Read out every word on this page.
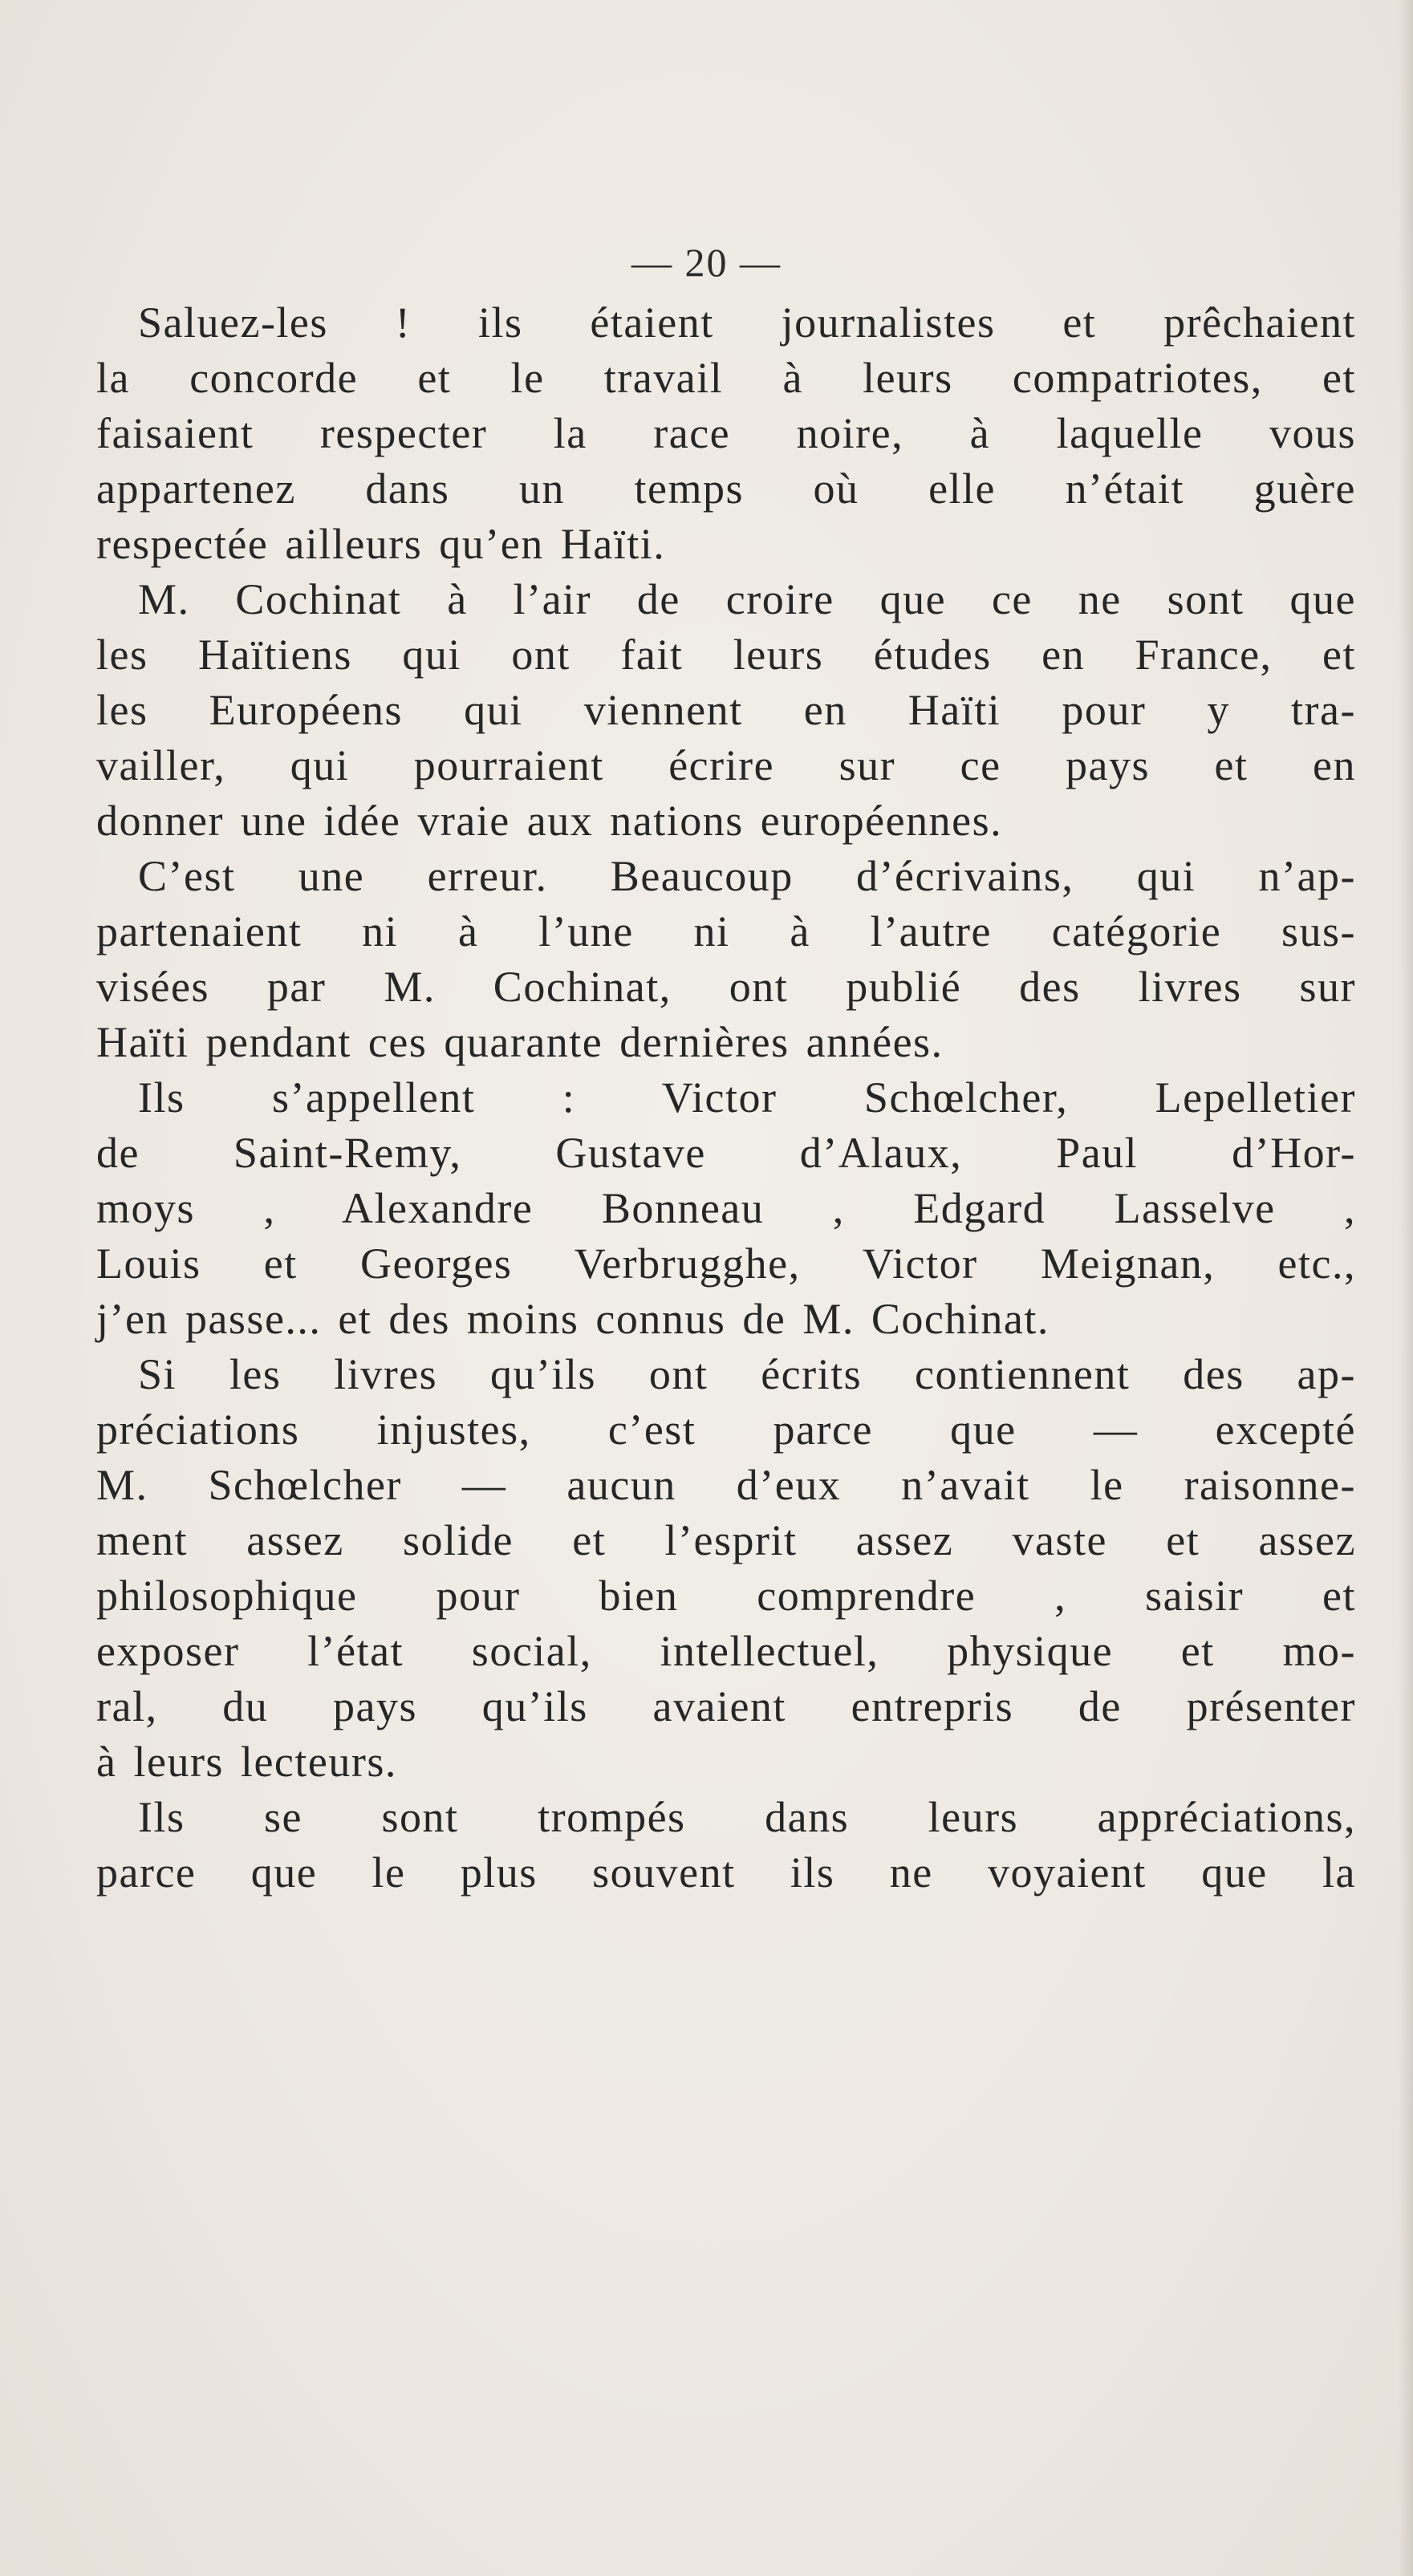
— 20 —
Saluez-les ! ils étaient journalistes et prêchaient
la concorde et le travail à leurs compatriotes, et
faisaient respecter la race noire, à laquelle vous
appartenez dans un temps où elle n’était guère
respectée ailleurs qu’en Haïti.
M. Cochinat à l’air de croire que ce ne sont que
les Haïtiens qui ont fait leurs études en France, et
les Européens qui viennent en Haïti pour y tra-
vailler, qui pourraient écrire sur ce pays et en
donner une idée vraie aux nations européennes.
C’est une erreur. Beaucoup d’écrivains, qui n’ap-
partenaient ni à l’une ni à l’autre catégorie sus-
visées par M. Cochinat, ont publié des livres sur
Haïti pendant ces quarante dernières années.
Ils s’appellent : Victor Schœlcher, Lepelletier
de Saint-Remy, Gustave d’Alaux, Paul d’Hor-
moys , Alexandre Bonneau , Edgard Lasselve ,
Louis et Georges Verbrugghe, Victor Meignan, etc.,
j’en passe... et des moins connus de M. Cochinat.
Si les livres qu’ils ont écrits contiennent des ap-
préciations injustes, c’est parce que — excepté
M. Schœlcher — aucun d’eux n’avait le raisonne-
ment assez solide et l’esprit assez vaste et assez
philosophique pour bien comprendre , saisir et
exposer l’état social, intellectuel, physique et mo-
ral, du pays qu’ils avaient entrepris de présenter
à leurs lecteurs.
Ils se sont trompés dans leurs appréciations,
parce que le plus souvent ils ne voyaient que la
